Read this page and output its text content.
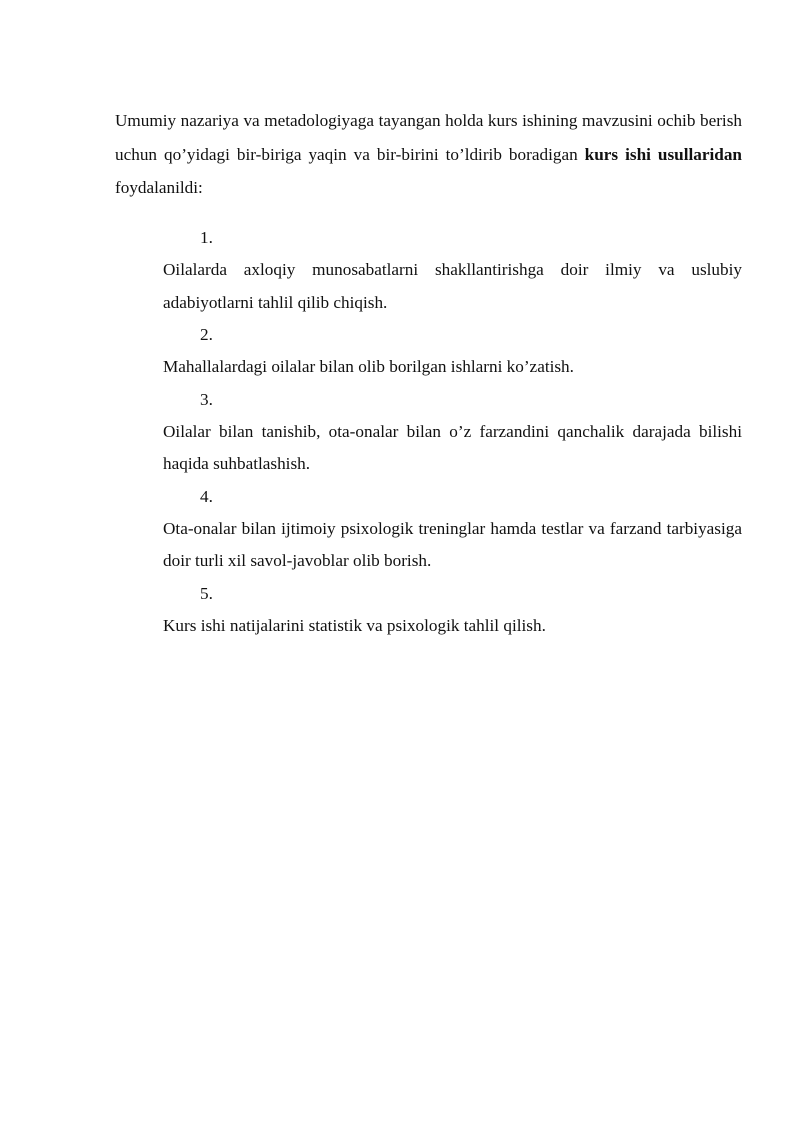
Umumiy nazariya va metadologiyaga tayangan holda kurs ishining mavzusini ochib berish uchun qo’yidagi bir-biriga yaqin va bir-birini to’ldirib boradigan kurs ishi usullaridan foydalanildi:

1.
Oilalarda axloqiy munosabatlarni shakllantirishga doir ilmiy va uslubiy adabiyotlarni tahlil qilib chiqish.
2.
Mahallalardagi oilalar bilan olib borilgan ishlarni ko’zatish.
3.
Oilalar bilan tanishib, ota-onalar bilan o’z farzandini qanchalik darajada bilishi haqida suhbatlashish.
4.
Ota-onalar bilan ijtimoiy psixologik treninglar hamda testlar va farzand tarbiyasiga doir turli xil savol-javoblar olib borish.
5.
Kurs ishi natijalarini statistik va psixologik tahlil qilish.
